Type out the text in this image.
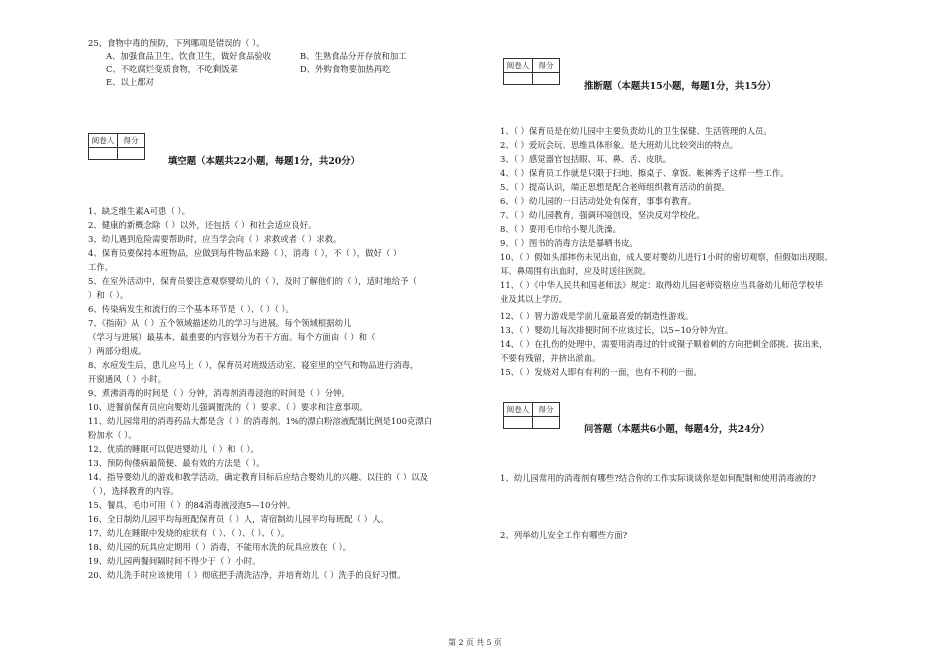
25、食物中毒的预防，下列哪项是错误的（ ）。
A、加强食品卫生、饮食卫生，做好食品验收	B、生熟食品分开存放和加工
C、不吃腐烂变质食物，不吃剩饭菜	D、外购食物要加热再吃
E、以上都对
阅卷人	得分
填空题（本题共22小题，每题1分，共20分）
1、缺乏维生素A可患（ ）。
2、健康的新概念除（ ）以外，还包括（ ）和社会适应良好。
3、幼儿遇到危险需要帮助时，应当学会向（ ）求救或者（ ）求救。
4、保育员要保持本班物品，应做到每件物品来路（ ），消毒（ ），不（ ），做好（ ）
工作。
5、在室外活动中，保育员要注意观察婴幼儿的（ ），及时了解他们的（ ），适时地给予（
）和（ ）。
6、传染病发生和流行的三个基本环节是（ ）、（ ）（ ）。
7、《指南》从（ ）五个领域描述幼儿的学习与进展。每个领域根据幼儿
（学习与进展）最基本、最重要的内容划分为若干方面。每个方面由（ ）和（
）两部分组成。
8、水痘发生后，患儿应马上（ ），保育员对班级活动室、寝室里的空气和物品进行消毒，
开窗通风（ ）小时。
9、煮沸消毒的时间是（ ）分钟，消毒剂消毒浸泡的时间是（ ）分钟。
10、进餐前保育员应向婴幼儿强调盥洗的（ ）要求、（ ）要求和注意事项。
11、幼儿园常用的消毒药品大都是含（ ）的消毒剂。1%的漂白粉溶液配制比例是100克漂白
粉加水（ ）。
12、优质的睡眠可以促进婴幼儿（ ）和（ ）。
13、预防佝偻病最简便、最有效的方法是（ ）。
14、指导婴幼儿的游戏和教学活动，确定教育目标后应结合婴幼儿的兴趣、以往的（ ）以及
（ ），选择教育的内容。
15、餐具、毛巾可用（ ）的84消毒液浸泡5—10分钟。
16、全日制幼儿园平均每班配保育员（ ）人，寄宿制幼儿园平均每班配（ ）人。
17、幼儿在睡眠中发烧的症状有（ ）、（ ）、（ ）、（ ）。
18、幼儿园的玩具应定期用（ ）消毒，不能用水洗的玩具应放在（ ）。
19、幼儿园两餐间隔时间不得少于（ ）小时。
20、幼儿洗手时应该使用（ ）彻底把手清洗洁净，并培育幼儿（ ）洗手的良好习惯。
阅卷人	得分
推断题（本题共15小题，每题1分，共15分）
1、（ ）保育员是在幼儿园中主要负责幼儿的卫生保健、生活管理的人员。
2、（ ）爱玩会玩、思维具体形象。是大班幼儿比较突出的特点。
3、（ ）感觉器官包括眼、耳、鼻、舌、皮肤。
4、（ ）保育员工作就是只限于扫地、擦桌子、拿饭、帐裤秀子这样一些工作。
5、（ ）提高认识，端正思想是配合老师组织教育活动的前提。
6、（ ）幼儿园的一日活动处处有保育，事事有教育。
7、（ ）幼儿园教育，强调环境创设，坚决反对学校化。
8、（ ）要用毛巾给小婴儿洗澡。
9、（ ）图书的消毒方法是暴晒书皮。
10、（ ）假如头部摔伤未见出血，成人要对婴幼儿进行1小时的密切观察，但假如出现眼、
耳、鼻周围有出血时，应及时送往医院。
11、（ ）《中华人民共和国老师法》规定：取得幼儿园老师资格应当具备幼儿师范学校毕
业及其以上学历。
12、（ ）智力游戏是学前儿童最喜爱的制造性游戏。
13、（ ）婴幼儿每次排便时间不应该过长，以5~10分钟为宜。
14、（ ）在扎伤的处理中，需要用消毒过的针或镊子顺着刺的方向把刺全部挑、拔出来，
不要有残留，并挤出淤血。
15、（ ）发烧对人即有有利的一面，也有不利的一面。
阅卷人	得分
问答题（本题共6小题，每题4分，共24分）
1、幼儿园常用的消毒剂有哪些?结合你的工作实际谈谈你是如何配制和使用消毒液的?
2、列举幼儿安全工作有哪些方面?
第 2 页 共 5 页
